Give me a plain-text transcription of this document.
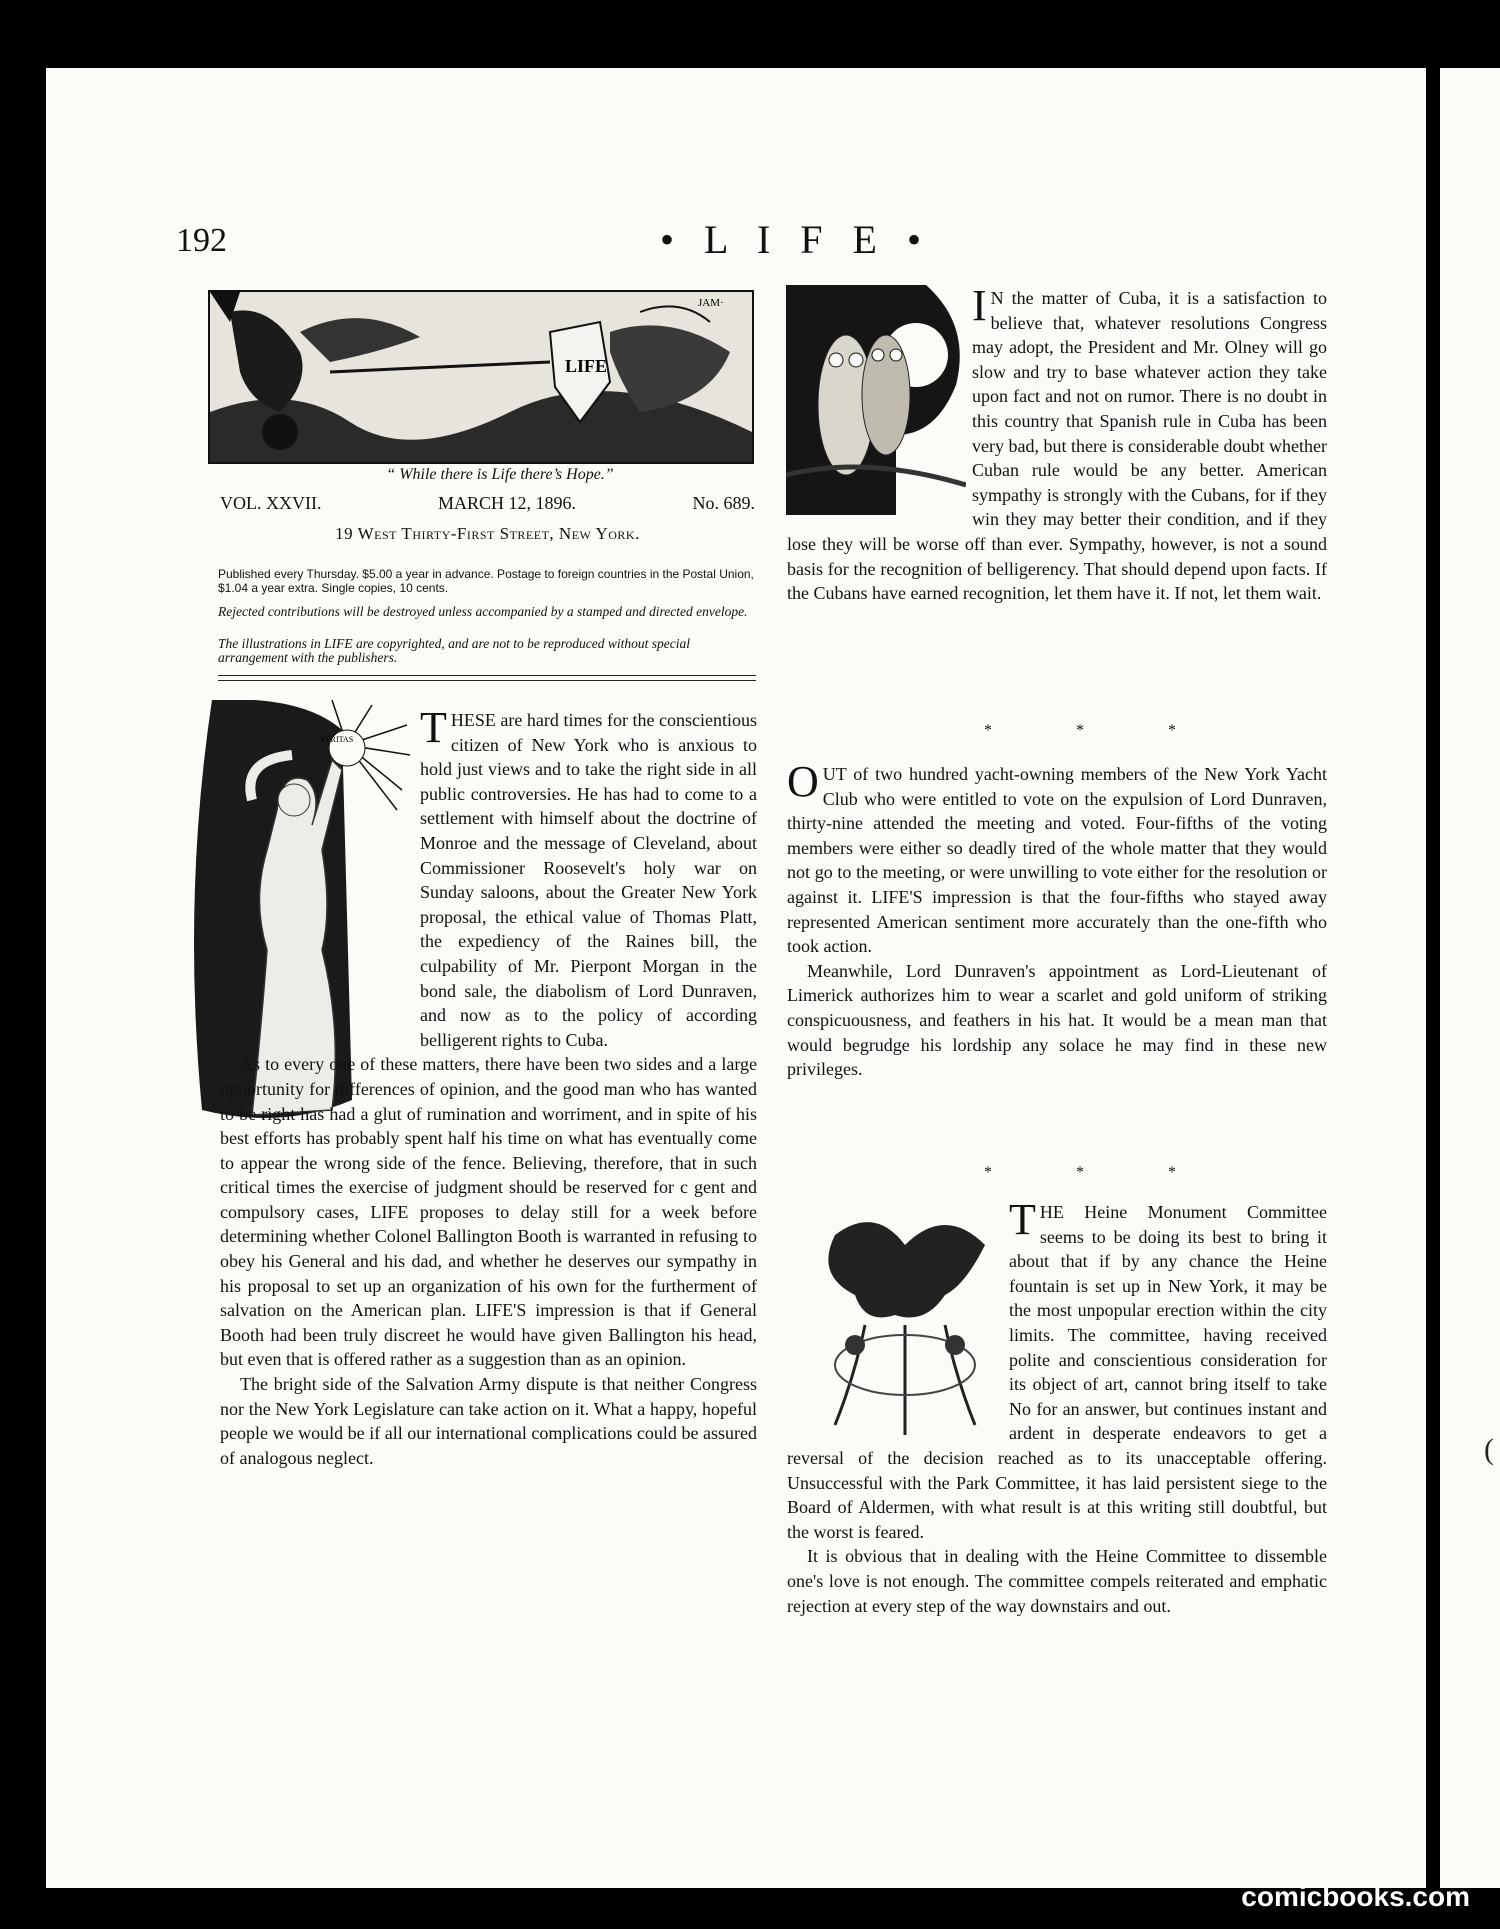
(
192	• L I F E •
LIFE
JAM·
“ While there is Life there’s Hope.”
VOL. XXVII.	MARCH 12, 1896.	No. 689.
19 West Thirty-First Street, New York.
Published every Thursday. $5.00 a year in advance. Postage to foreign countries in the Postal Union, $1.04 a year extra. Single copies, 10 cents.
Rejected contributions will be destroyed unless accompanied by a stamped and directed envelope.
The illustrations in LIFE are copyrighted, and are not to be reproduced without special arrangement with the publishers.
VERITAS THESE are hard times for the conscientious citizen of New York who is anxious to hold just views and to take the right side in all public controversies. He has had to come to a settlement with himself about the doctrine of Monroe and the message of Cleveland, about Commissioner Roosevelt's holy war on Sunday saloons, about the Greater New York proposal, the ethical value of Thomas Platt, the expediency of the Raines bill, the culpability of Mr. Pierpont Morgan in the bond sale, the diabolism of Lord Dunraven, and now as to the policy of according belligerent rights to Cuba.

As to every one of these matters, there have been two sides and a large opportunity for differences of opinion, and the good man who has wanted to be right has had a glut of rumination and worriment, and in spite of his best efforts has probably spent half his time on what has eventually come to appear the wrong side of the fence. Believing, therefore, that in such critical times the exercise of judgment should be reserved for c gent and compulsory cases, LIFE proposes to delay still for a week before determining whether Colonel Ballington Booth is warranted in refusing to obey his General and his dad, and whether he deserves our sympathy in his proposal to set up an organization of his own for the furtherment of salvation on the American plan. LIFE'S impression is that if General Booth had been truly discreet he would have given Ballington his head, but even that is offered rather as a suggestion than as an opinion.

The bright side of the Salvation Army dispute is that neither Congress nor the New York Legislature can take action on it. What a happy, hopeful people we would be if all our international complications could be assured of analogous neglect.

I N the matter of Cuba, it is a satisfaction to believe that, whatever resolutions Congress may adopt, the President and Mr. Olney will go slow and try to base whatever action they take upon fact and not on rumor. There is no doubt in this country that Spanish rule in Cuba has been very bad, but there is considerable doubt whether Cuban rule would be any better. American sympathy is strongly with the Cubans, for if they win they may better their condition, and if they lose they will be worse off than ever. Sympathy, however, is not a sound basis for the recognition of belligerency. That should depend upon facts. If the Cubans have earned recognition, let them have it. If not, let them wait.

* * *

OUT of two hundred yacht-owning members of the New York Yacht Club who were entitled to vote on the expulsion of Lord Dunraven, thirty-nine attended the meeting and voted. Four-fifths of the voting members were either so deadly tired of the whole matter that they would not go to the meeting, or were unwilling to vote either for the resolution or against it. LIFE'S impression is that the four-fifths who stayed away represented American sentiment more accurately than the one-fifth who took action.

Meanwhile, Lord Dunraven's appointment as Lord-Lieutenant of Limerick authorizes him to wear a scarlet and gold uniform of striking conspicuousness, and feathers in his hat. It would be a mean man that would begrudge his lordship any solace he may find in these new privileges.

* * *

THE Heine Monument Committee seems to be doing its best to bring it about that if by any chance the Heine fountain is set up in New York, it may be the most unpopular erection within the city limits. The committee, having received polite and conscientious consideration for its object of art, cannot bring itself to take No for an answer, but continues instant and ardent in desperate endeavors to get a reversal of the decision reached as to its unacceptable offering. Unsuccessful with the Park Committee, it has laid persistent siege to the Board of Aldermen, with what result is at this writing still doubtful, but the worst is feared.

It is obvious that in dealing with the Heine Committee to dissemble one's love is not enough. The committee compels reiterated and emphatic rejection at every step of the way downstairs and out.

comicbooks.com
